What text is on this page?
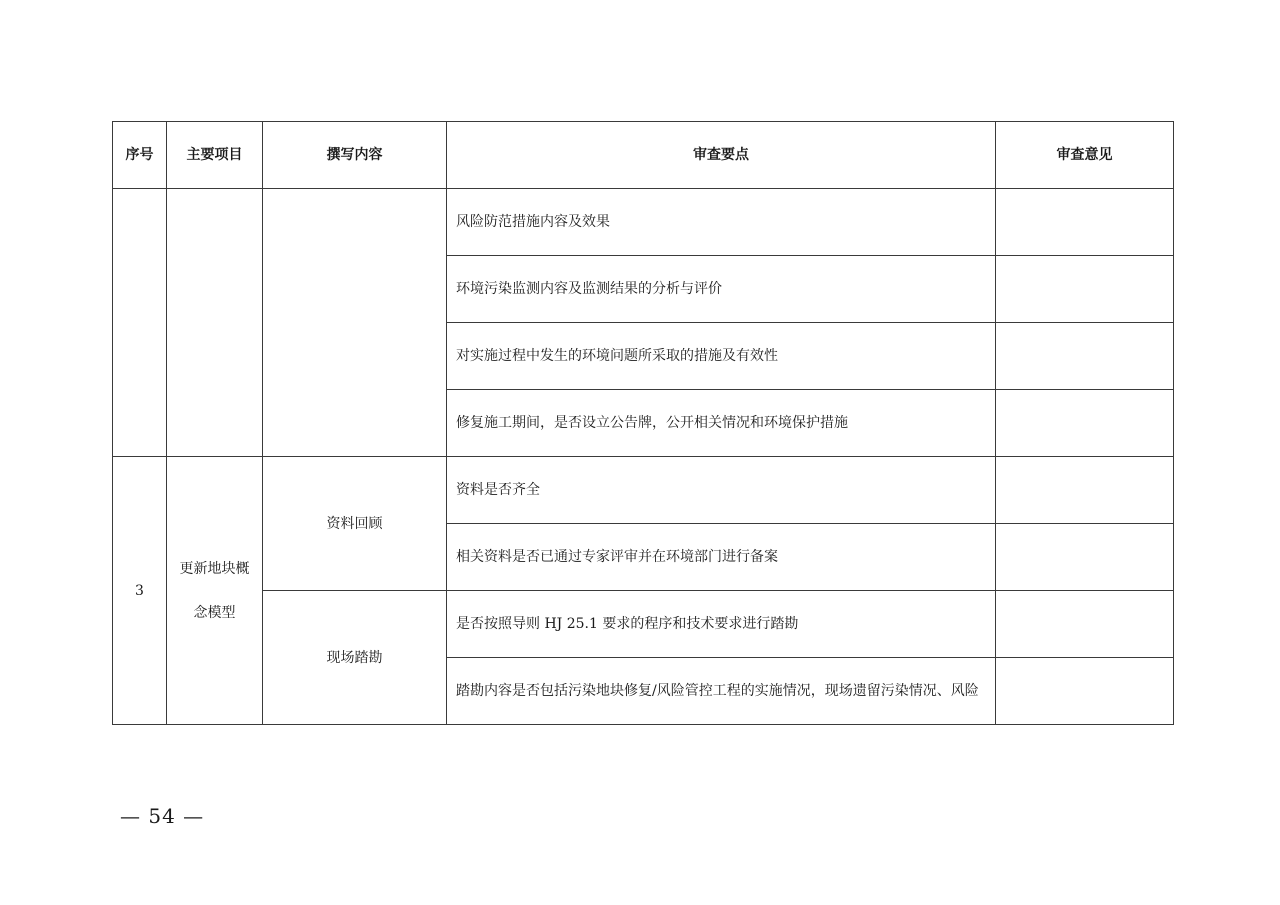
序号	主要项目	撰写内容	审查要点	审查意见
			风险防范措施内容及效果	
			环境污染监测内容及监测结果的分析与评价	
			对实施过程中发生的环境问题所采取的措施及有效性	
			修复施工期间，是否设立公告牌，公开相关情况和环境保护措施	
3	更新地块概念模型	资料回顾	资料是否齐全	
			相关资料是否已通过专家评审并在环境部门进行备案	
		现场踏勘	是否按照导则 HJ 25.1 要求的程序和技术要求进行踏勘	
			踏勘内容是否包括污染地块修复/风险管控工程的实施情况，现场遗留污染情况、风险	
— 54 —
